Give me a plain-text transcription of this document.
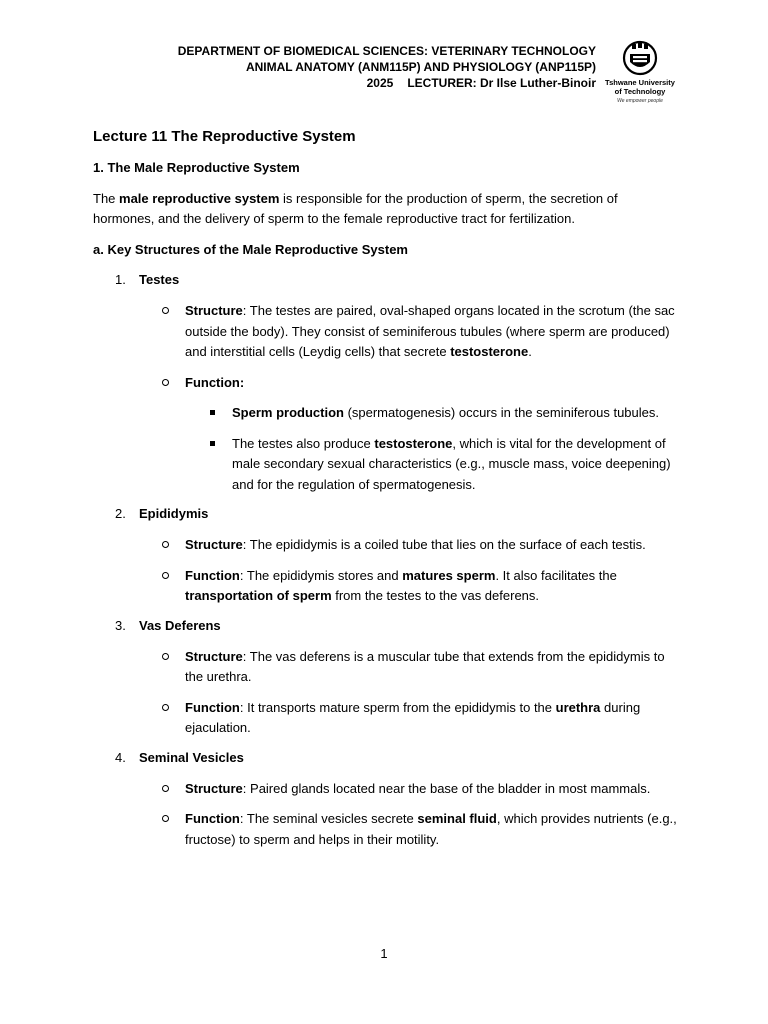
DEPARTMENT OF BIOMEDICAL SCIENCES: VETERINARY TECHNOLOGY
ANIMAL ANATOMY (ANM115P) AND PHYSIOLOGY (ANP115P)
2025 LECTURER: Dr Ilse Luther-Binoir Tshwane University
of Technology
We empower people
Lecture 11 The Reproductive System
1. The Male Reproductive System

The male reproductive system is responsible for the production of sperm, the secretion of hormones, and the delivery of sperm to the female reproductive tract for fertilization.

a. Key Structures of the Male Reproductive System
1. Testes
Structure: The testes are paired, oval-shaped organs located in the scrotum (the sac outside the body). They consist of seminiferous tubules (where sperm are produced) and interstitial cells (Leydig cells) that secrete testosterone.
Function:
Sperm production (spermatogenesis) occurs in the seminiferous tubules.
The testes also produce testosterone, which is vital for the development of male secondary sexual characteristics (e.g., muscle mass, voice deepening) and for the regulation of spermatogenesis.
2. Epididymis
Structure: The epididymis is a coiled tube that lies on the surface of each testis.
Function: The epididymis stores and matures sperm. It also facilitates the transportation of sperm from the testes to the vas deferens.
3. Vas Deferens
Structure: The vas deferens is a muscular tube that extends from the epididymis to the urethra.
Function: It transports mature sperm from the epididymis to the urethra during ejaculation.
4. Seminal Vesicles
Structure: Paired glands located near the base of the bladder in most mammals.
Function: The seminal vesicles secrete seminal fluid, which provides nutrients (e.g., fructose) to sperm and helps in their motility.
1
